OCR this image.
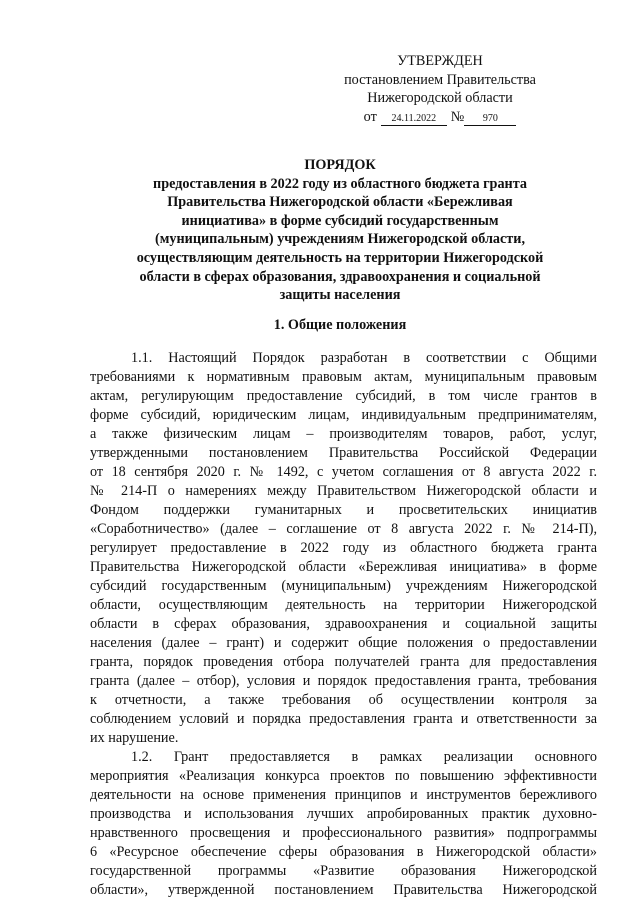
УТВЕРЖДЕН
постановлением Правительства
Нижегородской области
от 24.11.2022 № 970
ПОРЯДОК
предоставления в 2022 году из областного бюджета гранта
Правительства Нижегородской области «Бережливая
инициатива» в форме субсидий государственным
(муниципальным) учреждениям Нижегородской области,
осуществляющим деятельность на территории Нижегородской
области в сферах образования, здравоохранения и социальной
защиты населения
1. Общие положения
1.1. Настоящий Порядок разработан в соответствии с Общими
требованиями к нормативным правовым актам, муниципальным правовым
актам, регулирующим предоставление субсидий, в том числе грантов в
форме субсидий, юридическим лицам, индивидуальным предпринимателям,
а также физическим лицам – производителям товаров, работ, услуг,
утвержденными постановлением Правительства Российской Федерации
от 18 сентября 2020 г. № 1492, с учетом соглашения от 8 августа 2022 г.
№ 214-П о намерениях между Правительством Нижегородской области и
Фондом поддержки гуманитарных и просветительских инициатив
«Соработничество» (далее – соглашение от 8 августа 2022 г. № 214-П),
регулирует предоставление в 2022 году из областного бюджета гранта
Правительства Нижегородской области «Бережливая инициатива» в форме
субсидий государственным (муниципальным) учреждениям Нижегородской
области, осуществляющим деятельность на территории Нижегородской
области в сферах образования, здравоохранения и социальной защиты
населения (далее – грант) и содержит общие положения о предоставлении
гранта, порядок проведения отбора получателей гранта для предоставления
гранта (далее – отбор), условия и порядок предоставления гранта, требования
к отчетности, а также требования об осуществлении контроля за
соблюдением условий и порядка предоставления гранта и ответственности за
их нарушение.
1.2. Грант предоставляется в рамках реализации основного
мероприятия «Реализация конкурса проектов по повышению эффективности
деятельности на основе применения принципов и инструментов бережливого
производства и использования лучших апробированных практик духовно-
нравственного просвещения и профессионального развития» подпрограммы
6 «Ресурсное обеспечение сферы образования в Нижегородской области»
государственной программы «Развитие образования Нижегородской
области», утвержденной постановлением Правительства Нижегородской
